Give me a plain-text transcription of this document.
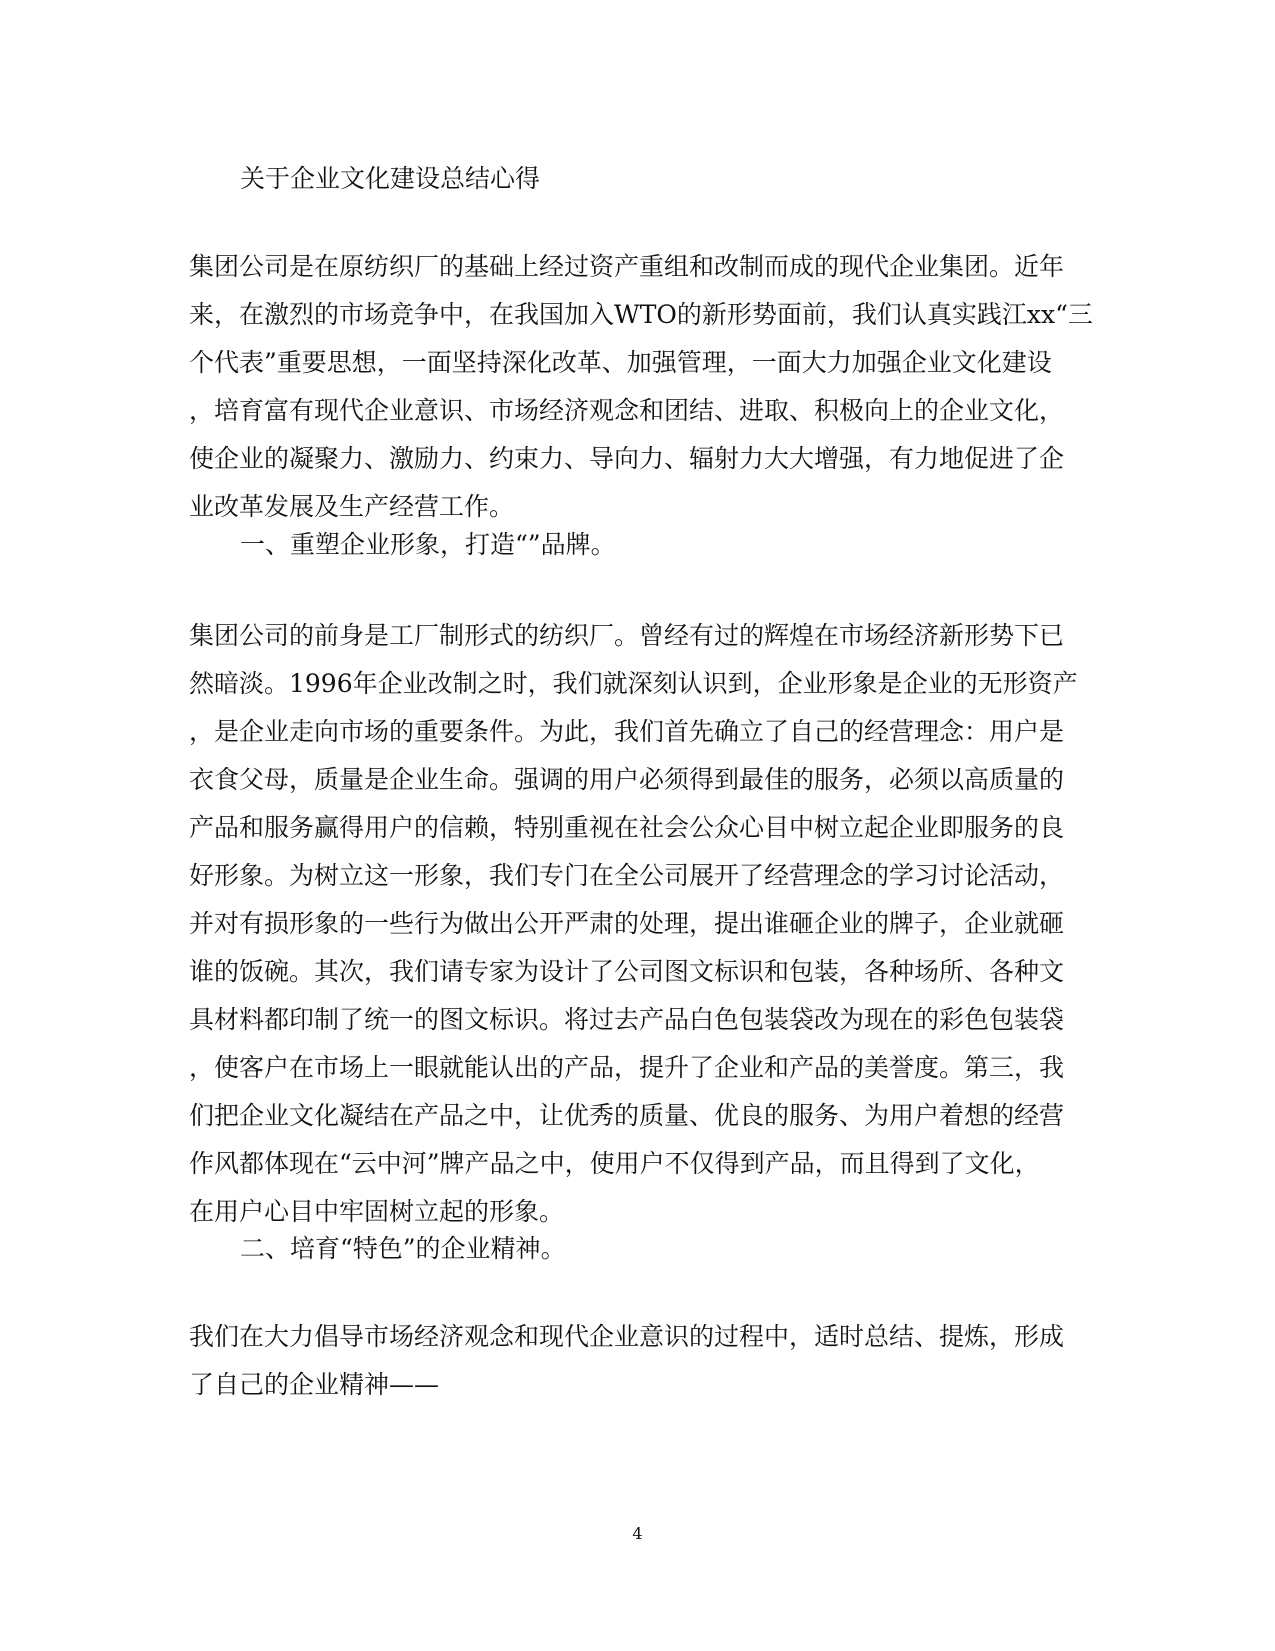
关于企业文化建设总结心得
集团公司是在原纺织厂的基础上经过资产重组和改制而成的现代企业集团。近年
来，在激烈的市场竞争中，在我国加入WTO的新形势面前，我们认真实践江xx“三
个代表”重要思想，一面坚持深化改革、加强管理，一面大力加强企业文化建设
，培育富有现代企业意识、市场经济观念和团结、进取、积极向上的企业文化，
使企业的凝聚力、激励力、约束力、导向力、辐射力大大增强，有力地促进了企
业改革发展及生产经营工作。
一、重塑企业形象，打造“”品牌。
集团公司的前身是工厂制形式的纺织厂。曾经有过的辉煌在市场经济新形势下已
然暗淡。1996年企业改制之时，我们就深刻认识到，企业形象是企业的无形资产
，是企业走向市场的重要条件。为此，我们首先确立了自己的经营理念：用户是
衣食父母，质量是企业生命。强调的用户必须得到最佳的服务，必须以高质量的
产品和服务赢得用户的信赖，特别重视在社会公众心目中树立起企业即服务的良
好形象。为树立这一形象，我们专门在全公司展开了经营理念的学习讨论活动，
并对有损形象的一些行为做出公开严肃的处理，提出谁砸企业的牌子，企业就砸
谁的饭碗。其次，我们请专家为设计了公司图文标识和包装，各种场所、各种文
具材料都印制了统一的图文标识。将过去产品白色包装袋改为现在的彩色包装袋
，使客户在市场上一眼就能认出的产品，提升了企业和产品的美誉度。第三，我
们把企业文化凝结在产品之中，让优秀的质量、优良的服务、为用户着想的经营
作风都体现在“云中河”牌产品之中，使用户不仅得到产品，而且得到了文化，
在用户心目中牢固树立起的形象。
二、培育“特色”的企业精神。
我们在大力倡导市场经济观念和现代企业意识的过程中，适时总结、提炼，形成
了自己的企业精神——
4
